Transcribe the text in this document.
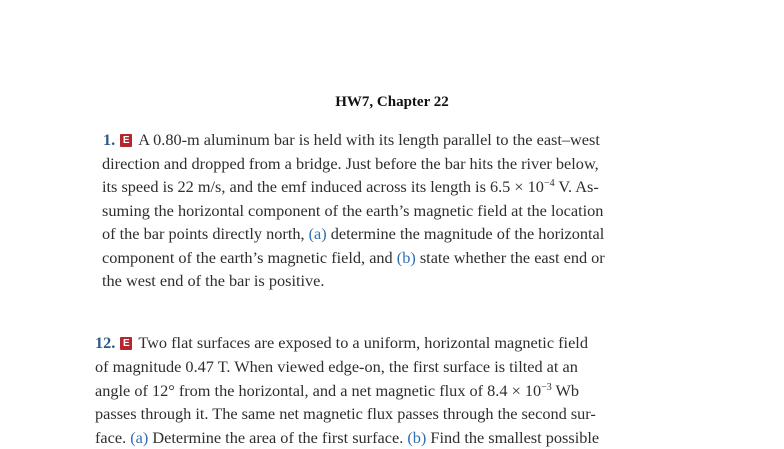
HW7, Chapter 22
1. E A 0.80-m aluminum bar is held with its length parallel to the east–west
direction and dropped from a bridge. Just before the bar hits the river below,
its speed is 22 m/s, and the emf induced across its length is $6.5 \times 10^{-4}$ V. As-
suming the horizontal component of the earth’s magnetic field at the location
of the bar points directly north, (a) determine the magnitude of the horizontal
component of the earth’s magnetic field, and (b) state whether the east end or
the west end of the bar is positive.
12. E Two flat surfaces are exposed to a uniform, horizontal magnetic field
of magnitude 0.47 T. When viewed edge-on, the first surface is tilted at an
angle of 12° from the horizontal, and a net magnetic flux of $8.4 \times 10^{-3}$ Wb
passes through it. The same net magnetic flux passes through the second sur-
face. (a) Determine the area of the first surface. (b) Find the smallest possible
